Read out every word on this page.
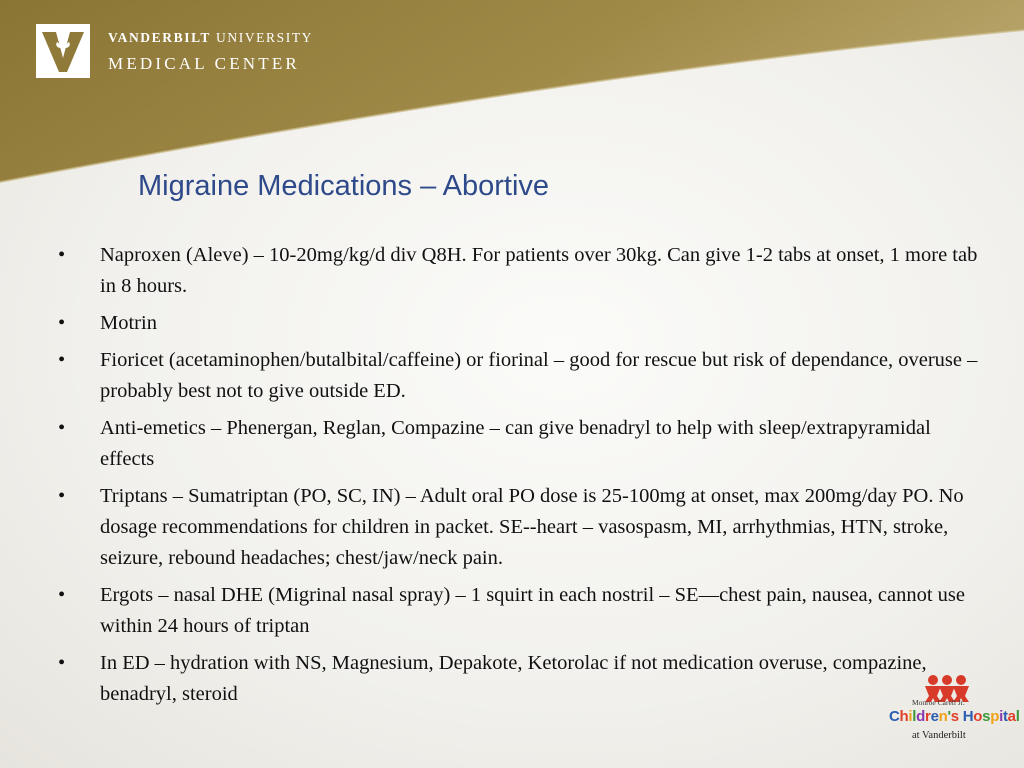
VANDERBILT UNIVERSITY
MEDICAL CENTER
Migraine Medications – Abortive
• Naproxen (Aleve) – 10-20mg/kg/d div Q8H. For patients over 30kg. Can give 1-2 tabs at onset, 1 more tab in 8 hours.
• Motrin
• Fioricet (acetaminophen/butalbital/caffeine) or fiorinal – good for rescue but risk of dependance, overuse – probably best not to give outside ED.
• Anti-emetics – Phenergan, Reglan, Compazine – can give benadryl to help with sleep/extrapyramidal effects
• Triptans – Sumatriptan (PO, SC, IN) – Adult oral PO dose is 25-100mg at onset, max 200mg/day PO. No dosage recommendations for children in packet. SE--heart – vasospasm, MI, arrhythmias, HTN, stroke, seizure, rebound headaches; chest/jaw/neck pain.
• Ergots – nasal DHE (Migrinal nasal spray) – 1 squirt in each nostril – SE—chest pain, nausea, cannot use within 24 hours of triptan
• In ED – hydration with NS, Magnesium, Depakote, Ketorolac if not medication overuse, compazine, benadryl, steroid	Monroe Carell Jr.
Children's Hospital
at Vanderbilt
